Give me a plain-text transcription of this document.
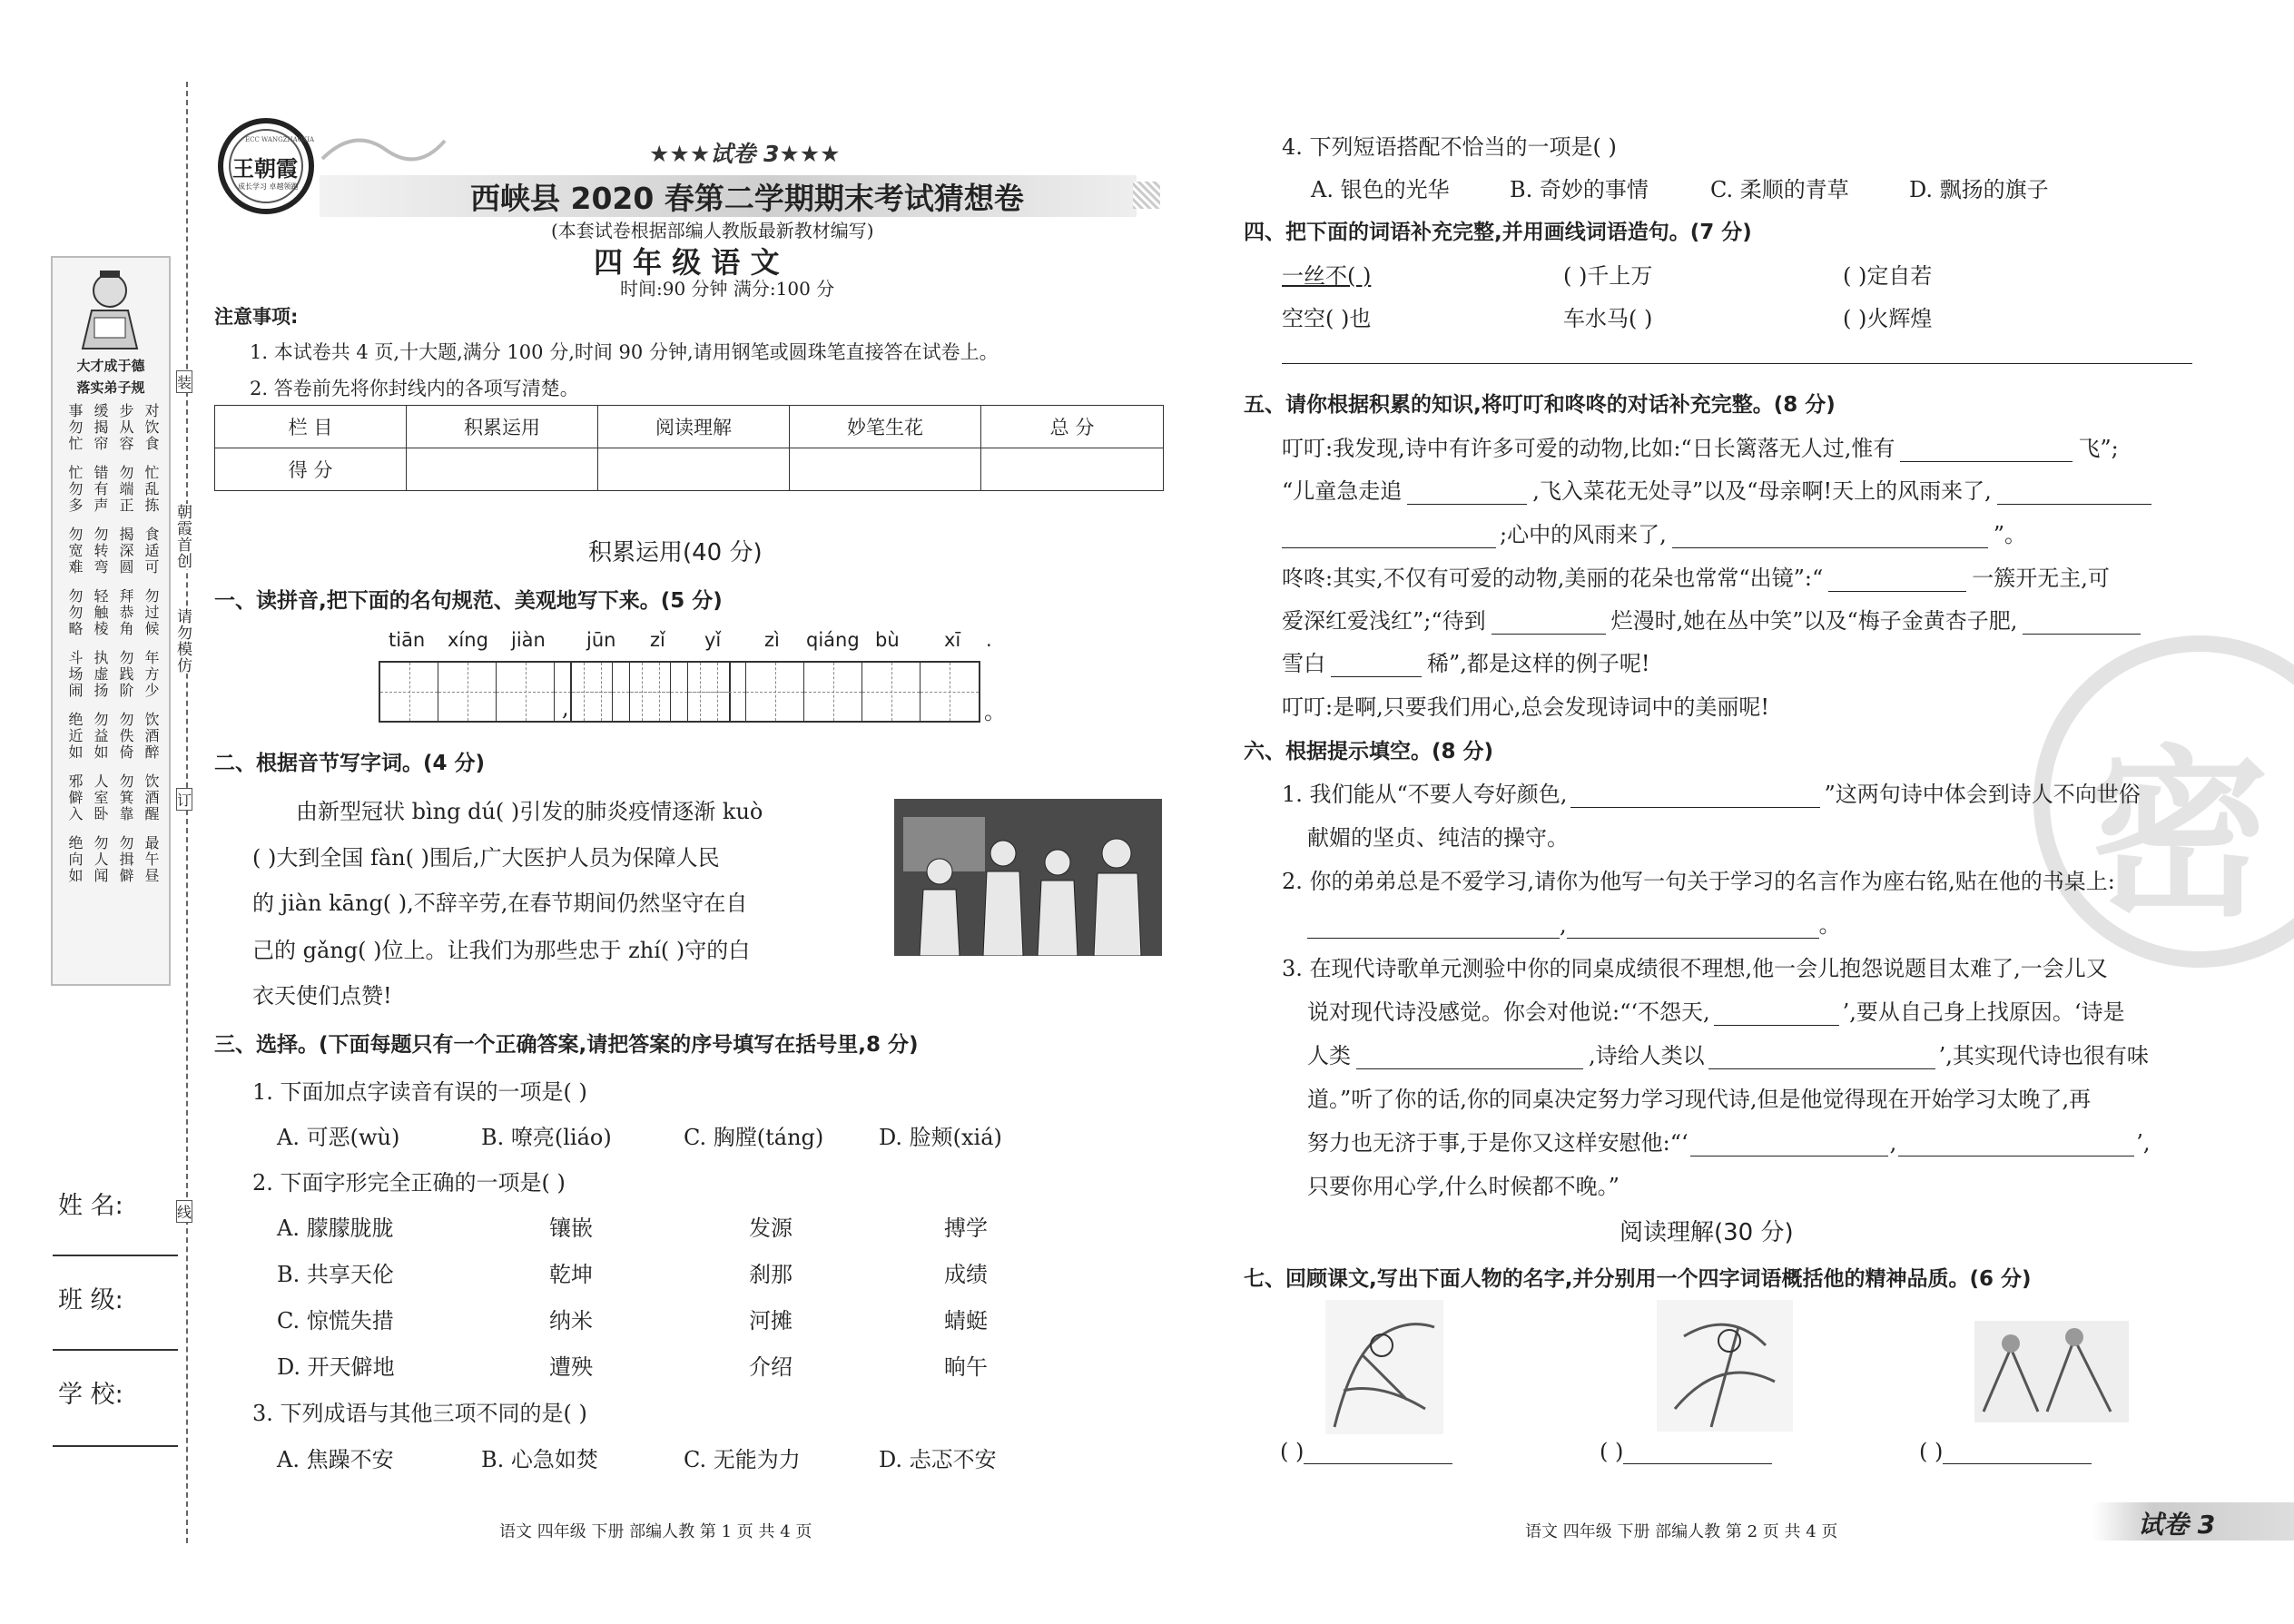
大才成于德
落实弟子规
事勿忙 缓揭帘 步从容 对饮食
忙勿多 错有声 勿端正 忙乱拣
勿宽难 勿转弯 揭深圆 食适可
勿勿略 轻触棱 拜恭角 勿过候
斗场闹 执虚扬 勿践阶 年方少
绝近如 勿益如 勿佚倚 饮酒醉
邪僻入 人室卧 勿箕靠 饮酒醒
绝向如 勿人闻 勿揖僻 最午昼
朝霞首创
请勿模仿
装
订
线
姓 名:
班 级:
学 校:
王朝霞
成长学习 卓越领跑
ECC WANGZHAOXIA
★★★试卷 3★★★
西峡县 2020 春第二学期期末考试猜想卷
(本套试卷根据部编人教版最新教材编写)
四 年 级 语 文
时间:90 分钟 满分:100 分
注意事项:
1. 本试卷共 4 页,十大题,满分 100 分,时间 90 分钟,请用钢笔或圆珠笔直接答在试卷上。
2. 答卷前先将你封线内的各项写清楚。
栏 目	积累运用	阅读理解	妙笔生花	总 分
得 分				
积累运用(40 分)
一、读拼音,把下面的名句规范、美观地写下来。(5 分)
tiān xíng jiàn jūn zǐ yǐ zì qiáng bù xī .
,	。
二、根据音节写字词。(4 分)
由新型冠状 bìng dú( )引发的肺炎疫情逐渐 kuò
( )大到全国 fàn( )围后,广大医护人员为保障人民
的 jiàn kāng( ),不辞辛劳,在春节期间仍然坚守在自
己的 gǎng( )位上。让我们为那些忠于 zhí( )守的白
衣天使们点赞!
三、选择。(下面每题只有一个正确答案,请把答案的序号填写在括号里,8 分)
1. 下面加点字读音有误的一项是( )
A. 可恶(wù)	B. 嘹亮(liáo)	C. 胸膛(táng)	D. 脸颊(xiá)
2. 下面字形完全正确的一项是( )
A. 朦朦胧胧	镶嵌	发源	搏学
B. 共享天伦	乾坤	刹那	成绩
C. 惊慌失措	纳米	河摊	蜻蜓
D. 开天僻地	遭殃	介绍	晌午
3. 下列成语与其他三项不同的是( )
A. 焦躁不安	B. 心急如焚	C. 无能为力	D. 忐忑不安
语文 四年级 下册 部编人教 第 1 页 共 4 页
密
4. 下列短语搭配不恰当的一项是( )
A. 银色的光华	B. 奇妙的事情	C. 柔顺的青草	D. 飘扬的旗子
四、把下面的词语补充完整,并用画线词语造句。(7 分)
一丝不( )	( )千上万	( )定自若
空空( )也	车水马( )	( )火辉煌
五、请你根据积累的知识,将叮叮和咚咚的对话补充完整。(8 分)
叮叮:我发现,诗中有许多可爱的动物,比如:“日长篱落无人过,惟有	飞”;
“儿童急走追	,飞入菜花无处寻”以及“母亲啊!天上的风雨来了,
;心中的风雨来了,	”。
咚咚:其实,不仅有可爱的动物,美丽的花朵也常常“出镜”:“	一簇开无主,可
爱深红爱浅红”;“待到	烂漫时,她在丛中笑”以及“梅子金黄杏子肥,
雪白	稀”,都是这样的例子呢!
叮叮:是啊,只要我们用心,总会发现诗词中的美丽呢!
六、根据提示填空。(8 分)
1. 我们能从“不要人夸好颜色,	”这两句诗中体会到诗人不向世俗
献媚的坚贞、纯洁的操守。
2. 你的弟弟总是不爱学习,请你为他写一句关于学习的名言作为座右铭,贴在他的书桌上:
,	。
3. 在现代诗歌单元测验中你的同桌成绩很不理想,他一会儿抱怨说题目太难了,一会儿又
说对现代诗没感觉。你会对他说:“‘不怨天,	’,要从自己身上找原因。‘诗是
人类	,诗给人类以	’,其实现代诗也很有味
道。”听了你的话,你的同桌决定努力学习现代诗,但是他觉得现在开始学习太晚了,再
努力也无济于事,于是你又这样安慰他:“‘	,	’,
只要你用心学,什么时候都不晚。”
阅读理解(30 分)
七、回顾课文,写出下面人物的名字,并分别用一个四字词语概括他的精神品质。(6 分)
( )	( )	( )
语文 四年级 下册 部编人教 第 2 页 共 4 页	试卷 3
